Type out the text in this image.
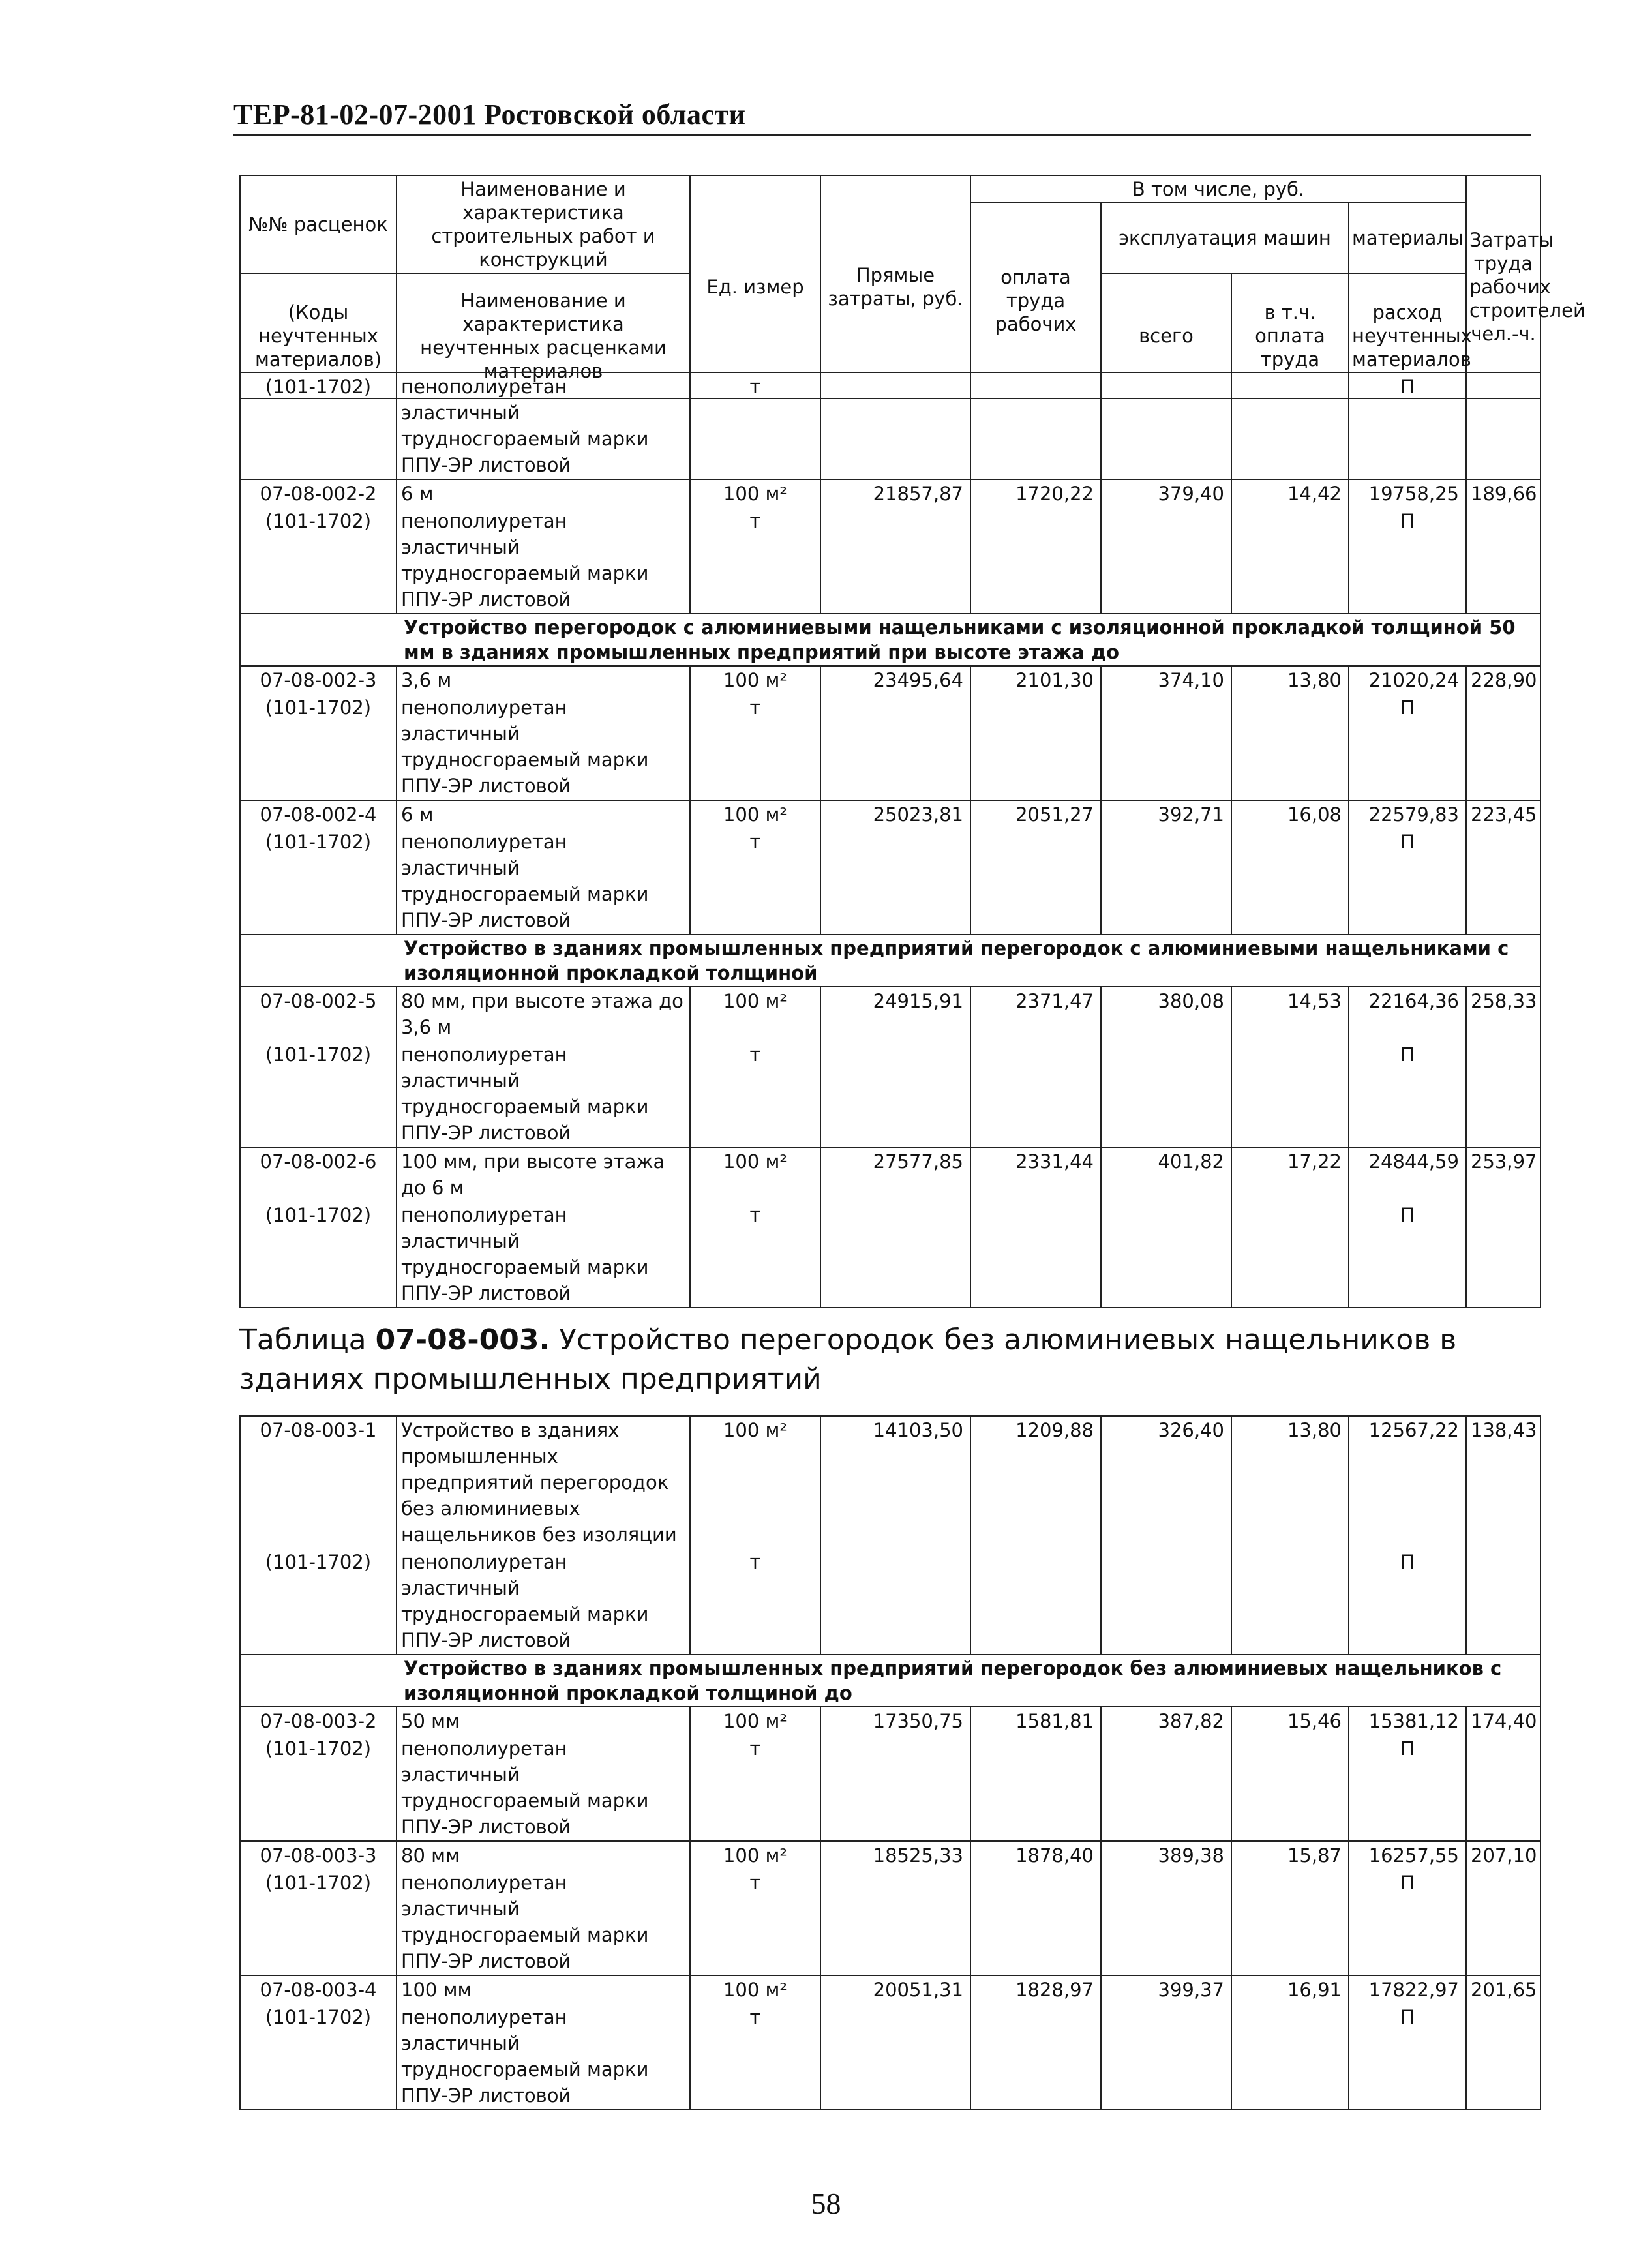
ТЕР-81-02-07-2001 Ростовской области
№№ расценок	Наименование и характеристика строительных работ и конструкций	Ед. измер	Прямые затраты, руб.	В том числе, руб.				Затраты труда рабочих строителей чел.-ч.
				оплата труда рабочих	эксплуатация машин		материалы	
(Коды неучтенных материалов)	Наименование и характеристика неучтенных расценками материалов				всего	в т.ч. оплата труда	расход неучтенных материалов	

(101-1702)	пенополиуретан эластичный трудносгораемый марки ППУ-ЭР листовой	т					П	
07-08-002-2	6 м	100 м²	21857,87	1720,22	379,40	14,42	19758,25	189,66
(101-1702)	пенополиуретан эластичный трудносгораемый марки ППУ-ЭР листовой	т					П	
Устройство перегородок с алюминиевыми нащельниками с изоляционной прокладкой толщиной 50 мм в зданиях промышленных предприятий при высоте этажа до								
07-08-002-3	3,6 м	100 м²	23495,64	2101,30	374,10	13,80	21020,24	228,90
(101-1702)	пенополиуретан эластичный трудносгораемый марки ППУ-ЭР листовой	т					П	
07-08-002-4	6 м	100 м²	25023,81	2051,27	392,71	16,08	22579,83	223,45
(101-1702)	пенополиуретан эластичный трудносгораемый марки ППУ-ЭР листовой	т					П	
Устройство в зданиях промышленных предприятий перегородок с алюминиевыми нащельниками с изоляционной прокладкой толщиной								
07-08-002-5	80 мм, при высоте этажа до 3,6 м	100 м²	24915,91	2371,47	380,08	14,53	22164,36	258,33
(101-1702)	пенополиуретан эластичный трудносгораемый марки ППУ-ЭР листовой	т					П	
07-08-002-6	100 мм, при высоте этажа до 6 м	100 м²	27577,85	2331,44	401,82	17,22	24844,59	253,97
(101-1702)	пенополиуретан эластичный трудносгораемый марки ППУ-ЭР листовой	т					П	
Таблица 07-08-003. Устройство перегородок без алюминиевых нащельников в зданиях промышленных предприятий
07-08-003-1	Устройство в зданиях промышленных предприятий перегородок без алюминиевых нащельников без изоляции	100 м²	14103,50	1209,88	326,40	13,80	12567,22	138,43
(101-1702)	пенополиуретан эластичный трудносгораемый марки ППУ-ЭР листовой	т					П	
Устройство в зданиях промышленных предприятий перегородок без алюминиевых нащельников с изоляционной прокладкой толщиной до								
07-08-003-2	50 мм	100 м²	17350,75	1581,81	387,82	15,46	15381,12	174,40
(101-1702)	пенополиуретан эластичный трудносгораемый марки ППУ-ЭР листовой	т					П	
07-08-003-3	80 мм	100 м²	18525,33	1878,40	389,38	15,87	16257,55	207,10
(101-1702)	пенополиуретан эластичный трудносгораемый марки ППУ-ЭР листовой	т					П	
07-08-003-4	100 мм	100 м²	20051,31	1828,97	399,37	16,91	17822,97	201,65
(101-1702)	пенополиуретан эластичный трудносгораемый марки ППУ-ЭР листовой	т					П	
58
